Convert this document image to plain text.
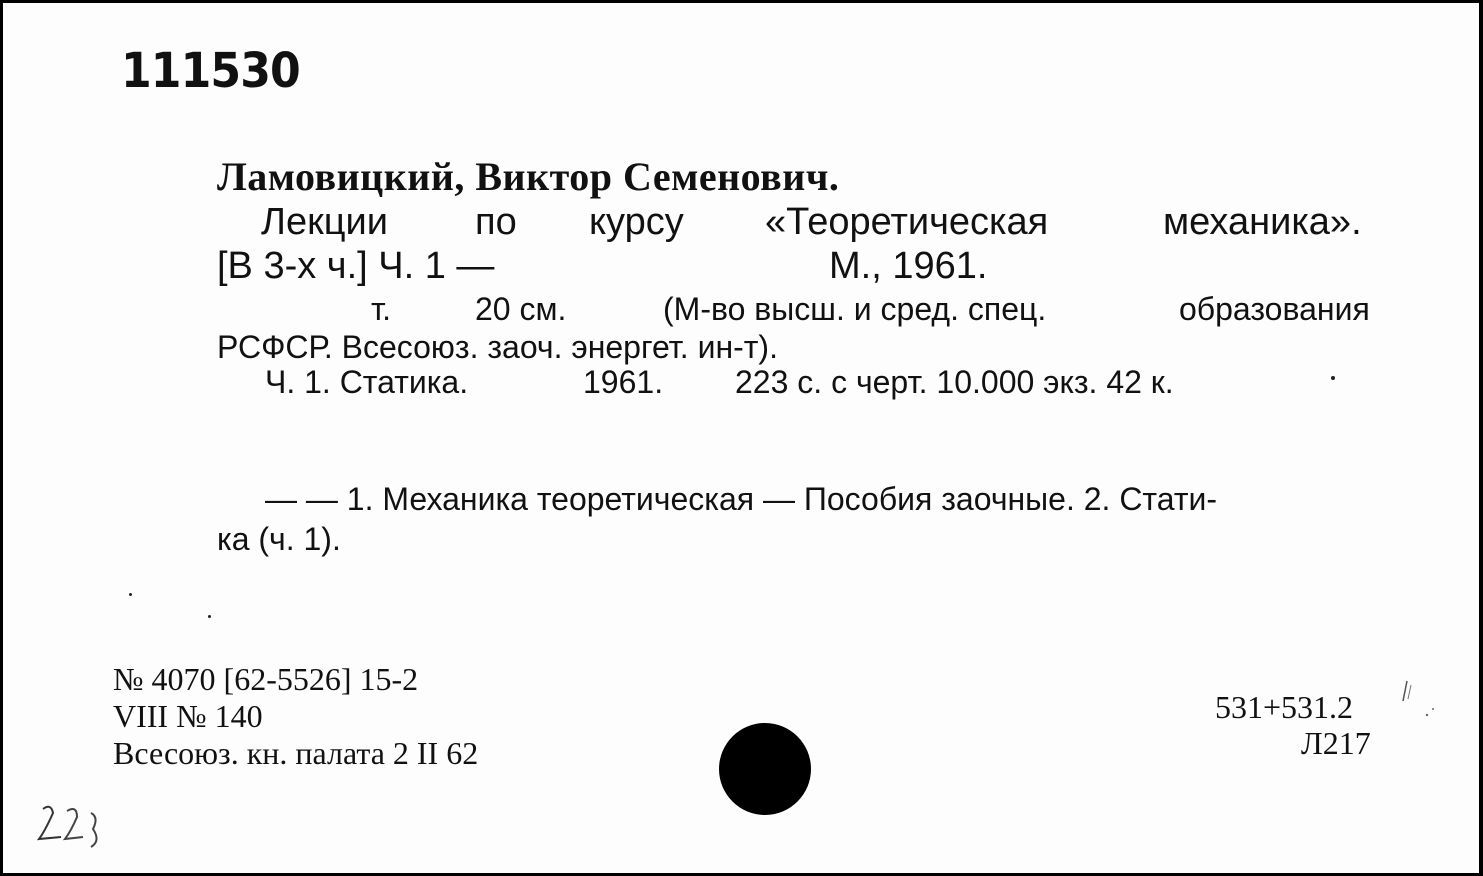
111530
Ламовицкий, Виктор Семенович.
Лекции по курсу «Теоретическая	механика».
[В 3-х ч.] Ч. 1 —	М., 1961.
т.	20 см.	(М-во высш. и сред. спец.	образования
РСФСР. Всесоюз. заоч. энергет. ин-т).
Ч. 1. Статика.	1961. 223 с. с черт. 10.000 экз. 42 к.
— — 1. Механика теоретическая — Пособия заочные. 2. Стати-
ка (ч. 1).
№ 4070 [62-5526] 15-2
VIII № 140
Всесоюз. кн. палата 2 II 62
531+531.2
Л217
